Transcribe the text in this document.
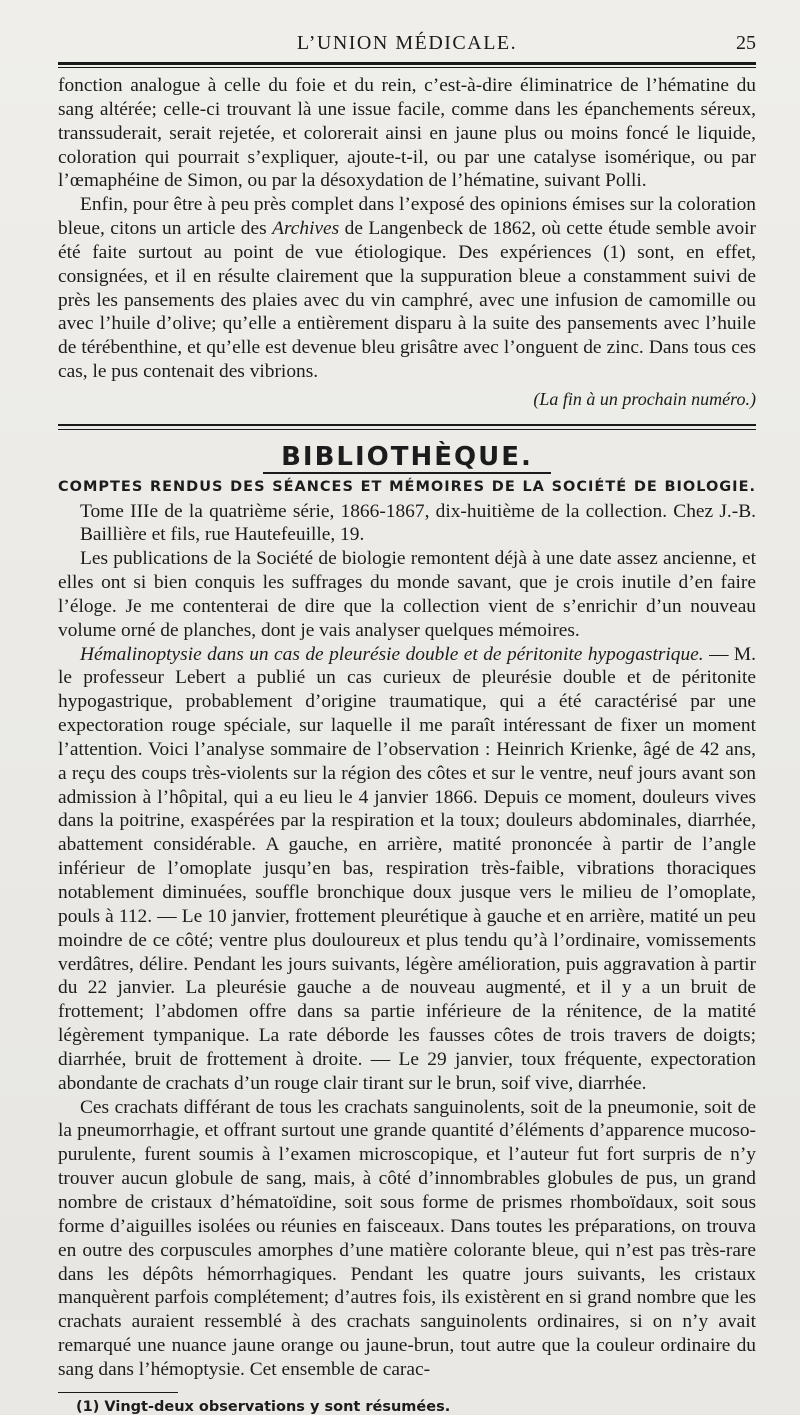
L’UNION MÉDICALE.	25

fonction analogue à celle du foie et du rein, c’est-à-dire éliminatrice de l’hématine du sang altérée; celle-ci trouvant là une issue facile, comme dans les épanchements séreux, transsuderait, serait rejetée, et colorerait ainsi en jaune plus ou moins foncé le liquide, coloration qui pourrait s’expliquer, ajoute-t-il, ou par une catalyse isomérique, ou par l’œmaphéine de Simon, ou par la désoxydation de l’hématine, suivant Polli.

Enfin, pour être à peu près complet dans l’exposé des opinions émises sur la coloration bleue, citons un article des Archives de Langenbeck de 1862, où cette étude semble avoir été faite surtout au point de vue étiologique. Des expériences (1) sont, en effet, consignées, et il en résulte clairement que la suppuration bleue a constamment suivi de près les pansements des plaies avec du vin camphré, avec une infusion de camomille ou avec l’huile d’olive; qu’elle a entièrement disparu à la suite des pansements avec l’huile de térébenthine, et qu’elle est devenue bleu grisâtre avec l’onguent de zinc. Dans tous ces cas, le pus contenait des vibrions.

(La fin à un prochain numéro.)
BIBLIOTHÈQUE.

COMPTES RENDUS DES SÉANCES ET MÉMOIRES DE LA SOCIÉTÉ DE BIOLOGIE. Tome IIIe de la quatrième série, 1866-1867, dix-huitième de la collection. Chez J.-B. Baillière et fils, rue Hautefeuille, 19.

Les publications de la Société de biologie remontent déjà à une date assez ancienne, et elles ont si bien conquis les suffrages du monde savant, que je crois inutile d’en faire l’éloge. Je me contenterai de dire que la collection vient de s’enrichir d’un nouveau volume orné de planches, dont je vais analyser quelques mémoires.

Hémalinoptysie dans un cas de pleurésie double et de péritonite hypogastrique. — M. le professeur Lebert a publié un cas curieux de pleurésie double et de péritonite hypogastrique, probablement d’origine traumatique, qui a été caractérisé par une expectoration rouge spéciale, sur laquelle il me paraît intéressant de fixer un moment l’attention. Voici l’analyse sommaire de l’observation : Heinrich Krienke, âgé de 42 ans, a reçu des coups très-violents sur la région des côtes et sur le ventre, neuf jours avant son admission à l’hôpital, qui a eu lieu le 4 janvier 1866. Depuis ce moment, douleurs vives dans la poitrine, exaspérées par la respiration et la toux; douleurs abdominales, diarrhée, abattement considérable. A gauche, en arrière, matité prononcée à partir de l’angle inférieur de l’omoplate jusqu’en bas, respiration très-faible, vibrations thoraciques notablement diminuées, souffle bronchique doux jusque vers le milieu de l’omoplate, pouls à 112. — Le 10 janvier, frottement pleurétique à gauche et en arrière, matité un peu moindre de ce côté; ventre plus douloureux et plus tendu qu’à l’ordinaire, vomissements verdâtres, délire. Pendant les jours suivants, légère amélioration, puis aggravation à partir du 22 janvier. La pleurésie gauche a de nouveau augmenté, et il y a un bruit de frottement; l’abdomen offre dans sa partie inférieure de la rénitence, de la matité légèrement tympanique. La rate déborde les fausses côtes de trois travers de doigts; diarrhée, bruit de frottement à droite. — Le 29 janvier, toux fréquente, expectoration abondante de crachats d’un rouge clair tirant sur le brun, soif vive, diarrhée.

Ces crachats différant de tous les crachats sanguinolents, soit de la pneumonie, soit de la pneumorrhagie, et offrant surtout une grande quantité d’éléments d’apparence mucoso-purulente, furent soumis à l’examen microscopique, et l’auteur fut fort surpris de n’y trouver aucun globule de sang, mais, à côté d’innombrables globules de pus, un grand nombre de cristaux d’hématoïdine, soit sous forme de prismes rhomboïdaux, soit sous forme d’aiguilles isolées ou réunies en faisceaux. Dans toutes les préparations, on trouva en outre des corpuscules amorphes d’une matière colorante bleue, qui n’est pas très-rare dans les dépôts hémorrhagiques. Pendant les quatre jours suivants, les cristaux manquèrent parfois complétement; d’autres fois, ils existèrent en si grand nombre que les crachats auraient ressemblé à des crachats sanguinolents ordinaires, si on n’y avait remarqué une nuance jaune orange ou jaune-brun, tout autre que la couleur ordinaire du sang dans l’hémoptysie. Cet ensemble de carac-

(1) Vingt-deux observations y sont résumées.
